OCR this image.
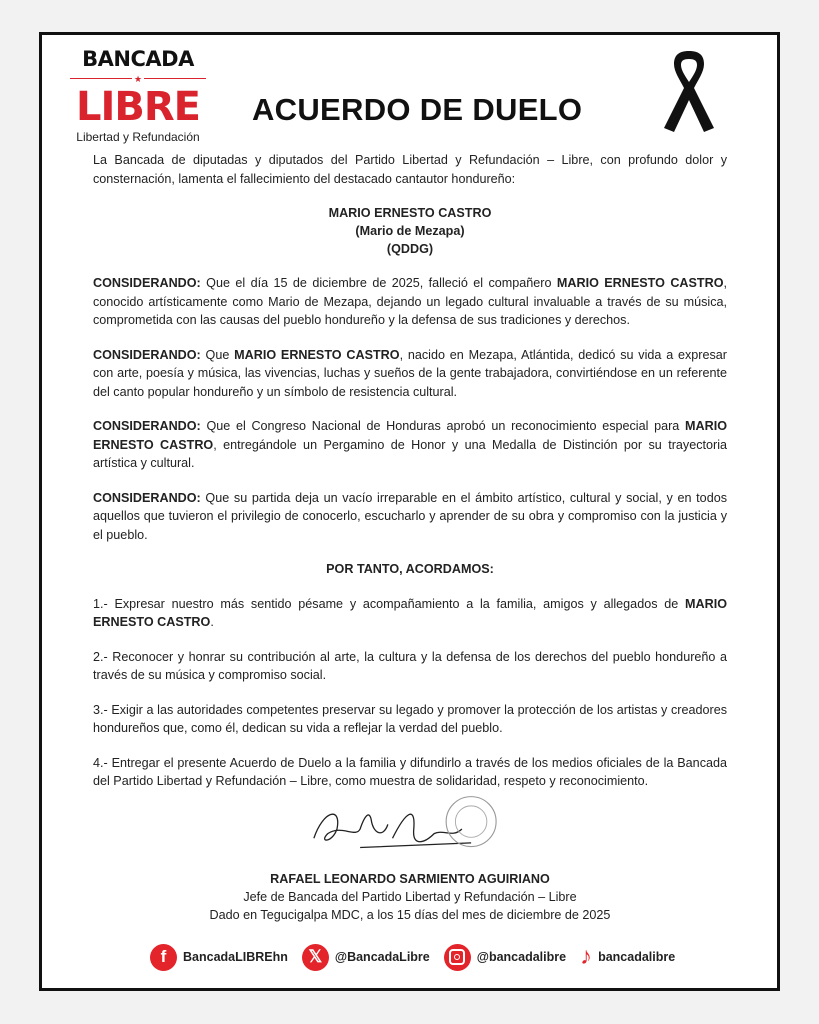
BANCADA
★
LIBRE
Libertad y Refundación
ACUERDO DE DUELO

La Bancada de diputadas y diputados del Partido Libertad y Refundación – Libre, con profundo dolor y consternación, lamenta el fallecimiento del destacado cantautor hondureño:

MARIO ERNESTO CASTRO
(Mario de Mezapa)
(QDDG)

CONSIDERANDO: Que el día 15 de diciembre de 2025, falleció el compañero MARIO ERNESTO CASTRO, conocido artísticamente como Mario de Mezapa, dejando un legado cultural invaluable a través de su música, comprometida con las causas del pueblo hondureño y la defensa de sus tradiciones y derechos.

CONSIDERANDO: Que MARIO ERNESTO CASTRO, nacido en Mezapa, Atlántida, dedicó su vida a expresar con arte, poesía y música, las vivencias, luchas y sueños de la gente trabajadora, convirtiéndose en un referente del canto popular hondureño y un símbolo de resistencia cultural.

CONSIDERANDO: Que el Congreso Nacional de Honduras aprobó un reconocimiento especial para MARIO ERNESTO CASTRO, entregándole un Pergamino de Honor y una Medalla de Distinción por su trayectoria artística y cultural.

CONSIDERANDO: Que su partida deja un vacío irreparable en el ámbito artístico, cultural y social, y en todos aquellos que tuvieron el privilegio de conocerlo, escucharlo y aprender de su obra y compromiso con la justicia y el pueblo.

POR TANTO, ACORDAMOS:

1.- Expresar nuestro más sentido pésame y acompañamiento a la familia, amigos y allegados de MARIO ERNESTO CASTRO.

2.- Reconocer y honrar su contribución al arte, la cultura y la defensa de los derechos del pueblo hondureño a través de su música y compromiso social.

3.- Exigir a las autoridades competentes preservar su legado y promover la protección de los artistas y creadores hondureños que, como él, dedican su vida a reflejar la verdad del pueblo.

4.- Entregar el presente Acuerdo de Duelo a la familia y difundirlo a través de los medios oficiales de la Bancada del Partido Libertad y Refundación – Libre, como muestra de solidaridad, respeto y reconocimiento.

RAFAEL LEONARDO SARMIENTO AGUIRIANO
Jefe de Bancada del Partido Libertad y Refundación – Libre
Dado en Tegucigalpa MDC, a los 15 días del mes de diciembre de 2025
f	BancadaLIBREhn	𝕏	@BancadaLibre	@bancadalibre ♪ bancadalibre
